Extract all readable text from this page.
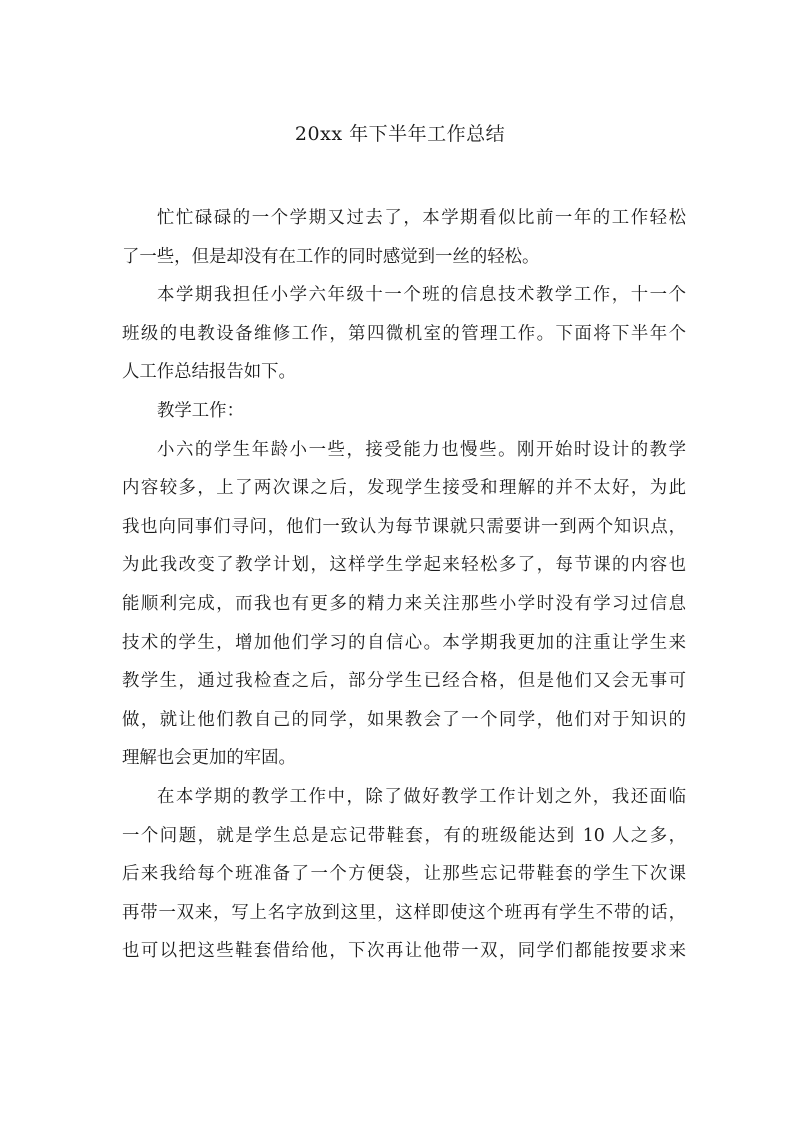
20xx 年下半年工作总结
忙忙碌碌的一个学期又过去了，本学期看似比前一年的工作轻松
了一些，但是却没有在工作的同时感觉到一丝的轻松。
本学期我担任小学六年级十一个班的信息技术教学工作，十一个
班级的电教设备维修工作，第四微机室的管理工作。下面将下半年个
人工作总结报告如下。
教学工作：
小六的学生年龄小一些，接受能力也慢些。刚开始时设计的教学
内容较多，上了两次课之后，发现学生接受和理解的并不太好，为此
我也向同事们寻问，他们一致认为每节课就只需要讲一到两个知识点，
为此我改变了教学计划，这样学生学起来轻松多了，每节课的内容也
能顺利完成，而我也有更多的精力来关注那些小学时没有学习过信息
技术的学生，增加他们学习的自信心。本学期我更加的注重让学生来
教学生，通过我检查之后，部分学生已经合格，但是他们又会无事可
做，就让他们教自己的同学，如果教会了一个同学，他们对于知识的
理解也会更加的牢固。
在本学期的教学工作中，除了做好教学工作计划之外，我还面临
一个问题，就是学生总是忘记带鞋套，有的班级能达到 10 人之多，
后来我给每个班准备了一个方便袋，让那些忘记带鞋套的学生下次课
再带一双来，写上名字放到这里，这样即使这个班再有学生不带的话，
也可以把这些鞋套借给他，下次再让他带一双，同学们都能按要求来
